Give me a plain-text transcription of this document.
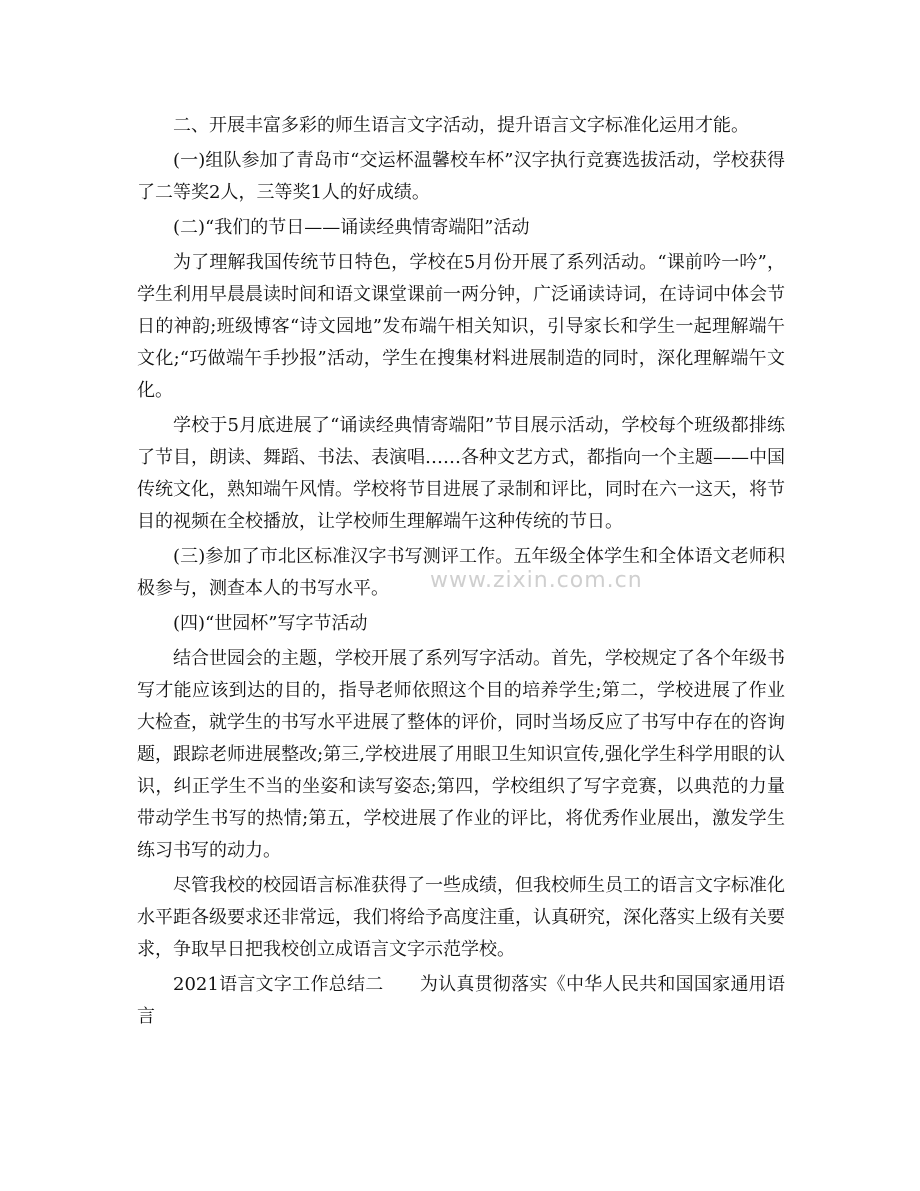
二、开展丰富多彩的师生语言文字活动，提升语言文字标准化运用才能。

(一)组队参加了青岛市“交运杯温馨校车杯”汉字执行竞赛选拔活动，学校获得了二等奖2人，三等奖1人的好成绩。

(二)“我们的节日——诵读经典情寄端阳”活动

为了理解我国传统节日特色，学校在5月份开展了系列活动。“课前吟一吟”，学生利用早晨晨读时间和语文课堂课前一两分钟，广泛诵读诗词，在诗词中体会节日的神韵;班级博客“诗文园地”发布端午相关知识，引导家长和学生一起理解端午文化;“巧做端午手抄报”活动，学生在搜集材料进展制造的同时，深化理解端午文化。

学校于5月底进展了“诵读经典情寄端阳”节目展示活动，学校每个班级都排练了节目，朗读、舞蹈、书法、表演唱……各种文艺方式，都指向一个主题——中国传统文化，熟知端午风情。学校将节目进展了录制和评比，同时在六一这天，将节目的视频在全校播放，让学校师生理解端午这种传统的节日。

(三)参加了市北区标准汉字书写测评工作。五年级全体学生和全体语文老师积极参与，测查本人的书写水平。

(四)“世园杯”写字节活动

结合世园会的主题，学校开展了系列写字活动。首先，学校规定了各个年级书写才能应该到达的目的，指导老师依照这个目的培养学生;第二，学校进展了作业大检查，就学生的书写水平进展了整体的评价，同时当场反应了书写中存在的咨询题，跟踪老师进展整改;第三,学校进展了用眼卫生知识宣传,强化学生科学用眼的认识，纠正学生不当的坐姿和读写姿态;第四，学校组织了写字竞赛，以典范的力量带动学生书写的热情;第五，学校进展了作业的评比，将优秀作业展出，激发学生练习书写的动力。

尽管我校的校园语言标准获得了一些成绩，但我校师生员工的语言文字标准化水平距各级要求还非常远，我们将给予高度注重，认真研究，深化落实上级有关要求，争取早日把我校创立成语言文字示范学校。

2021语言文字工作总结二 为认真贯彻落实《中华人民共和国国家通用语言

www.zixin.com.cn
